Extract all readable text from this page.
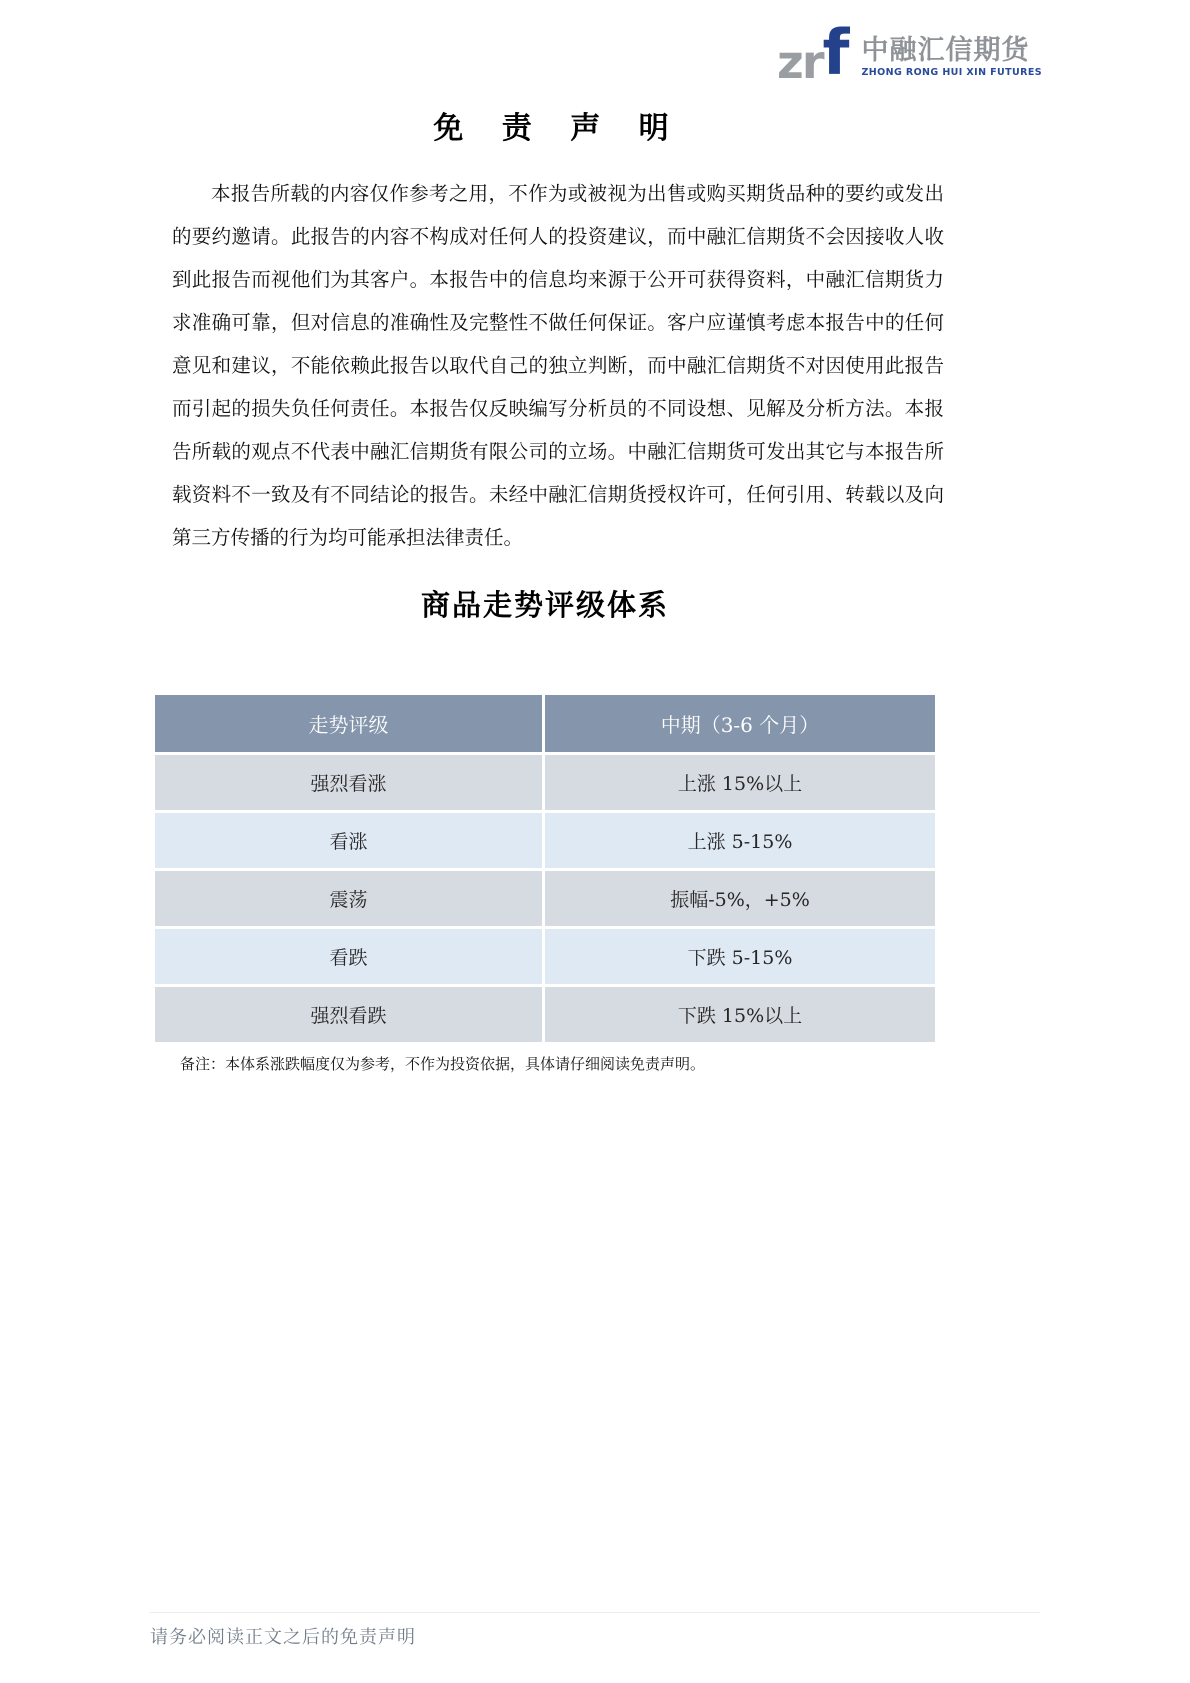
zrf 中融汇信期货
ZHONG RONG HUI XIN FUTURES
免 责 声 明

本报告所载的内容仅作参考之用，不作为或被视为出售或购买期货品种的要约或发出的要约邀请。此报告的内容不构成对任何人的投资建议，而中融汇信期货不会因接收人收到此报告而视他们为其客户。本报告中的信息均来源于公开可获得资料，中融汇信期货力求准确可靠，但对信息的准确性及完整性不做任何保证。客户应谨慎考虑本报告中的任何意见和建议，不能依赖此报告以取代自己的独立判断，而中融汇信期货不对因使用此报告而引起的损失负任何责任。本报告仅反映编写分析员的不同设想、见解及分析方法。本报告所载的观点不代表中融汇信期货有限公司的立场。中融汇信期货可发出其它与本报告所载资料不一致及有不同结论的报告。未经中融汇信期货授权许可，任何引用、转载以及向第三方传播的行为均可能承担法律责任。

商品走势评级体系
走势评级	中期（3-6 个月）
强烈看涨	上涨 15%以上
看涨	上涨 5-15%
震荡	振幅-5%，+5%
看跌	下跌 5-15%
强烈看跌	下跌 15%以上
备注：本体系涨跌幅度仅为参考，不作为投资依据，具体请仔细阅读免责声明。
请务必阅读正文之后的免责声明
